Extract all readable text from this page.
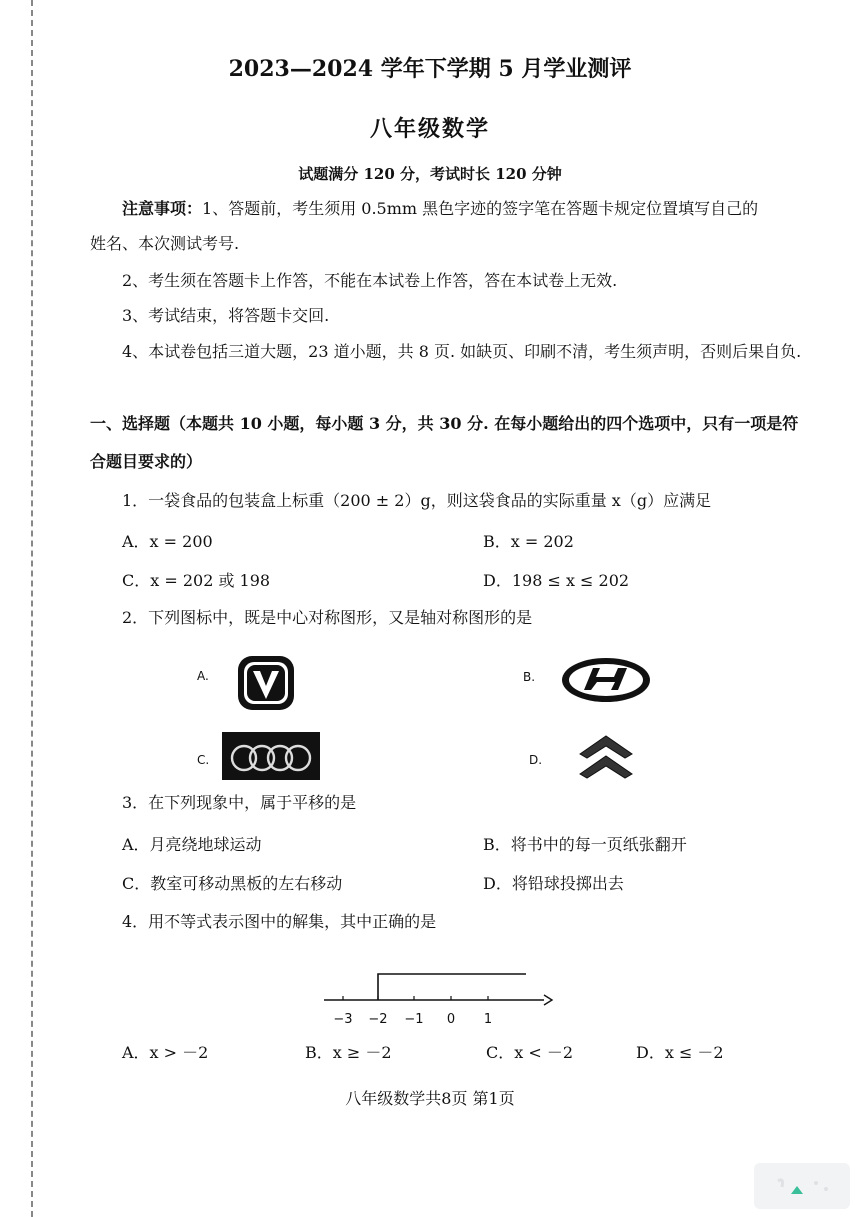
2023—2024 学年下学期 5 月学业测评
八年级数学
试题满分 120 分，考试时长 120 分钟
注意事项：1、答题前，考生须用 0.5mm 黑色字迹的签字笔在答题卡规定位置填写自己的
姓名、本次测试考号.
2、考生须在答题卡上作答，不能在本试卷上作答，答在本试卷上无效.
3、考试结束，将答题卡交回.
4、本试卷包括三道大题，23 道小题，共 8 页. 如缺页、印刷不清，考生须声明，否则后果自负.
一、选择题（本题共 10 小题，每小题 3 分，共 30 分. 在每小题给出的四个选项中，只有一项是符
合题目要求的）
1．一袋食品的包装盒上标重（200 ± 2）g，则这袋食品的实际重量 x（g）应满足
A．x = 200	B．x = 202
C．x = 202 或 198	D．198 ≤ x ≤ 202
2．下列图标中，既是中心对称图形，又是轴对称图形的是
A.	B.
C.	D.
3．在下列现象中，属于平移的是
A．月亮绕地球运动	B．将书中的每一页纸张翻开
C．教室可移动黑板的左右移动	D．将铅球投掷出去
4．用不等式表示图中的解集，其中正确的是
−3 −2 −1	0	1
A．x > －2	B．x ≥ －2	C．x < －2	D．x ≤ －2
八年级数学共8页 第1页
